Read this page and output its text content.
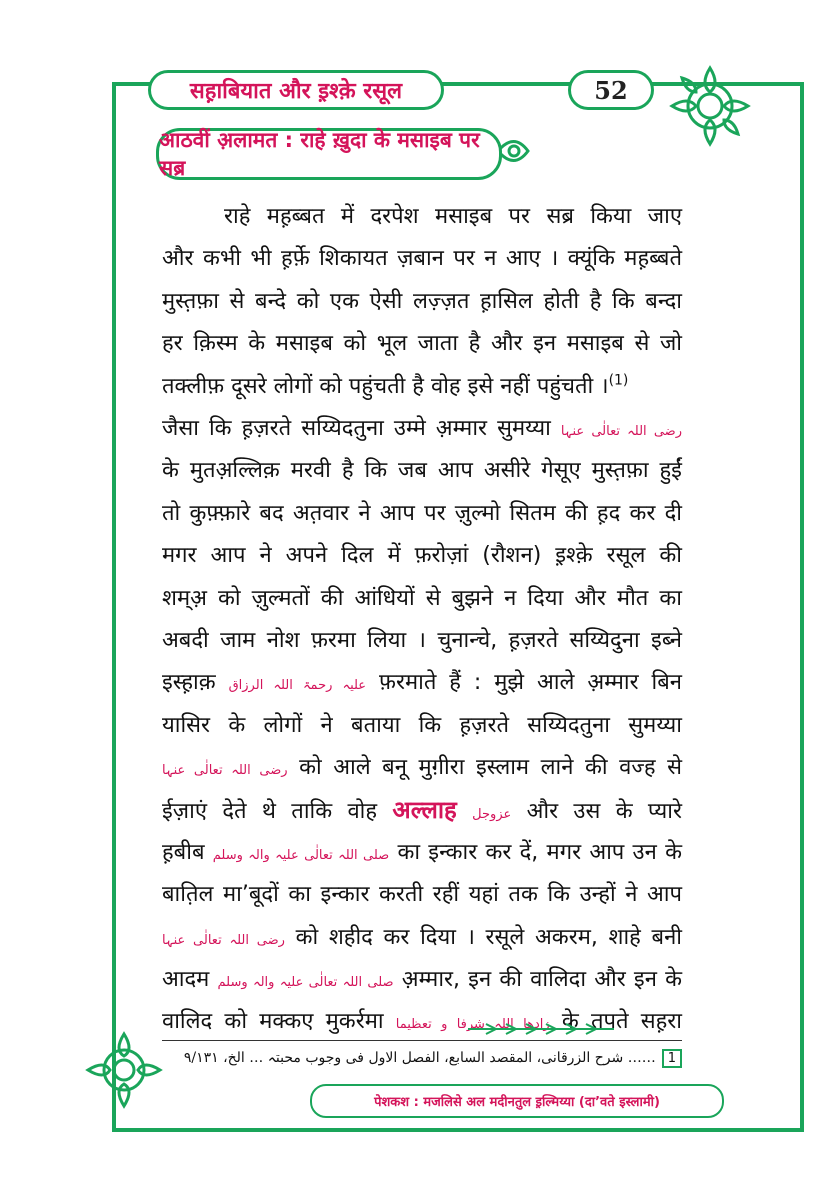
सह़ाबियात और इ़श्के़ रसूल	52
आठवीं अ़लामत : राहे ख़ुदा के मसाइब पर सब्र
राहे मह़ब्बत में दरपेश मसाइब पर सब्र किया जाए
और कभी भी ह़र्फ़े शिकायत ज़बान पर न आए । क्यूंकि मह़ब्बते
मुस्त़फ़ा से बन्दे को एक ऐसी लज़्ज़त ह़ासिल होती है कि बन्दा
हर क़िस्म के मसाइब को भूल जाता है और इन मसाइब से जो
तक्लीफ़ दूसरे लोगों को पहुंचती है वोह इसे नहीं पहुंचती ।$^{(1)}$
जैसा कि ह़ज़रते सय्यिदतुना उम्मे अ़म्मार सुमय्या رضی اللہ تعالٰی عنہا
के मुतअ़ल्लिक़ मरवी है कि जब आप असीरे गेसूए मुस्त़फ़ा हुईं
तो कुफ़्फ़ारे बद अत़वार ने आप पर ज़ुल्मो सितम की ह़द कर दी
मगर आप ने अपने दिल में फ़रोज़ां (रौशन) इ़श्के़ रसूल की
शम्अ़ को ज़ुल्मतों की आंधियों से बुझने न दिया और मौत का
अबदी जाम नोश फ़रमा लिया । चुनान्चे, ह़ज़रते सय्यिदुना इब्ने
इस्ह़ाक़ علیہ رحمۃ اللہ الرزاق फ़रमाते हैं : मुझे आले अ़म्मार बिन
यासिर के लोगों ने बताया कि ह़ज़रते सय्यिदतुना सुमय्या
رضی اللہ تعالٰی عنہا को आले बनू मुग़ीरा इस्लाम लाने की वज्ह से
ईज़ाएं देते थे ताकि वोह अल्लाह عزوجل और उस के प्यारे
ह़बीब صلی اللہ تعالٰی علیہ والہ وسلم का इन्कार कर दें, मगर आप उन के
बात़िल मा’बूदों का इन्कार करती रहीं यहां तक कि उन्हों ने आप
رضی اللہ تعالٰی عنہا को शहीद कर दिया । रसूले अकरम, शाहे बनी
आदम صلی اللہ تعالٰی علیہ والہ وسلم अ़म्मार, इन की वालिदा और इन के
वालिद को मक्कए मुकर्रमा زادھا اللہ شرفا و تعظیما के तपते सह़रा
…… شرح الزرقانی، المقصد السابع، الفصل الاول فی وجوب محبتہ … الخ، ۹/۱۳۱ 1
पेशकश : मजलिसे अल मदीनतुल इ़ल्मिय्या (दा’वते इस्लामी)
